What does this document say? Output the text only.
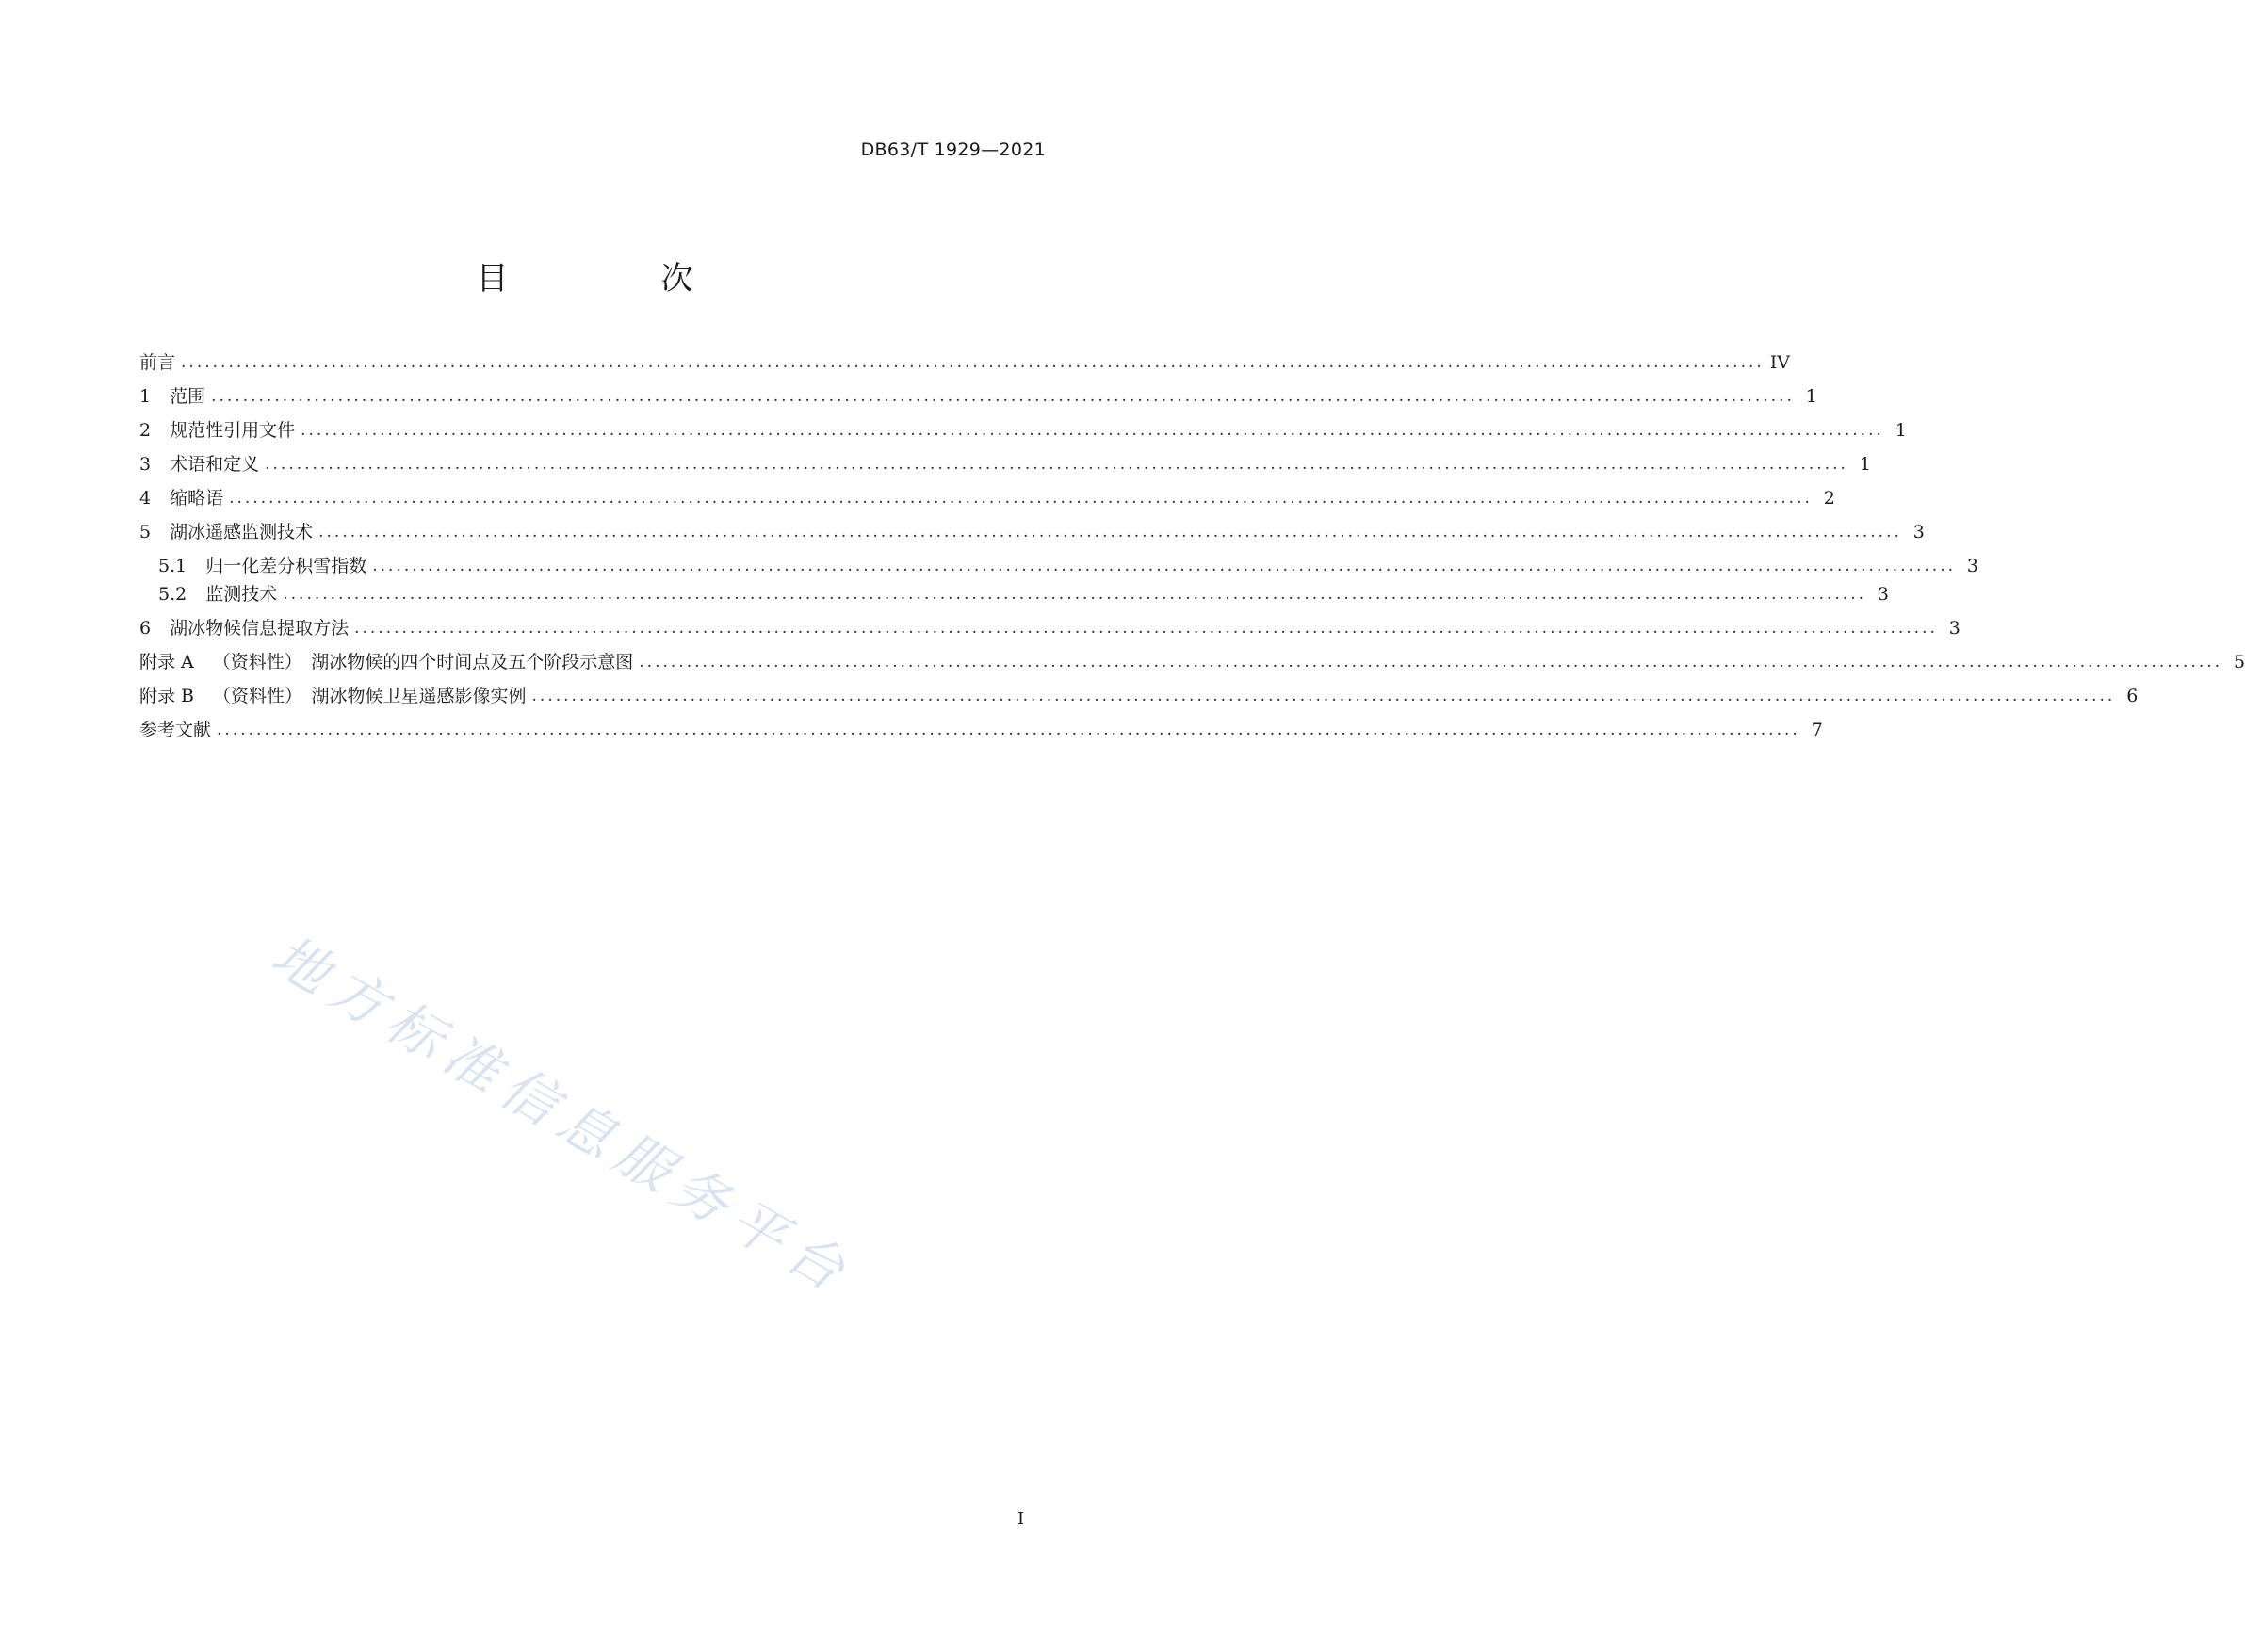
DB63/T 1929—2021
目　次
前言 ........................................................................................................................................................................................................ IV
1 范围 ........................................................................................................................................................................................................ 1
2 规范性引用文件 ........................................................................................................................................................................................................ 1
3 术语和定义 ........................................................................................................................................................................................................ 1
4 缩略语 ........................................................................................................................................................................................................ 2
5 湖冰遥感监测技术 ........................................................................................................................................................................................................ 3
5.1 归一化差分积雪指数 ........................................................................................................................................................................................................ 3
5.2 监测技术 ........................................................................................................................................................................................................ 3
6 湖冰物候信息提取方法 ........................................................................................................................................................................................................ 3
附录 A （资料性）　湖冰物候的四个时间点及五个阶段示意图 ........................................................................................................................................................................................................ 5
附录 B （资料性）　湖冰物候卫星遥感影像实例 ........................................................................................................................................................................................................ 6
参考文献 ........................................................................................................................................................................................................ 7
地方标准信息服务平台
I
